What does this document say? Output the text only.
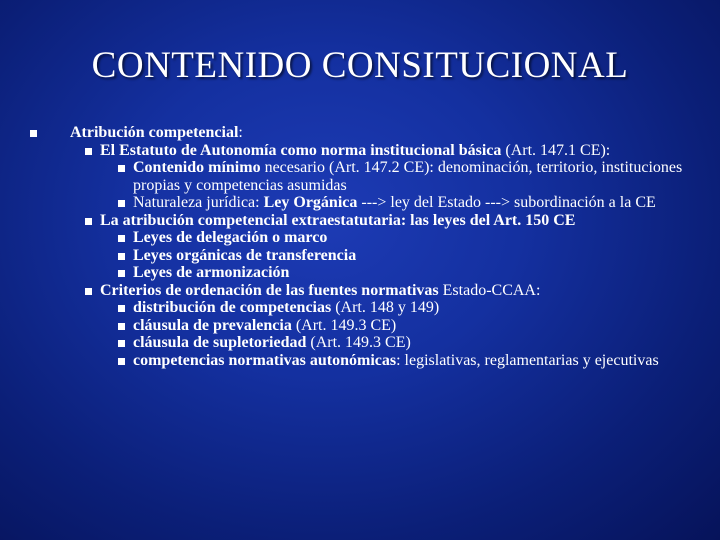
CONTENIDO CONSITUCIONAL
Atribución competencial:
El Estatuto de Autonomía como norma institucional básica (Art. 147.1 CE):
Contenido mínimo necesario (Art. 147.2 CE): denominación, territorio, instituciones propias y competencias asumidas
Naturaleza jurídica: Ley Orgánica ---> ley del Estado ---> subordinación a la CE
La atribución competencial extraestatutaria: las leyes del Art. 150 CE
Leyes de delegación o marco
Leyes orgánicas de transferencia
Leyes de armonización
Criterios de ordenación de las fuentes normativas Estado-CCAA:
distribución de competencias (Art. 148 y 149)
cláusula de prevalencia (Art. 149.3 CE)
cláusula de supletoriedad (Art. 149.3 CE)
competencias normativas autonómicas: legislativas, reglamentarias y ejecutivas
